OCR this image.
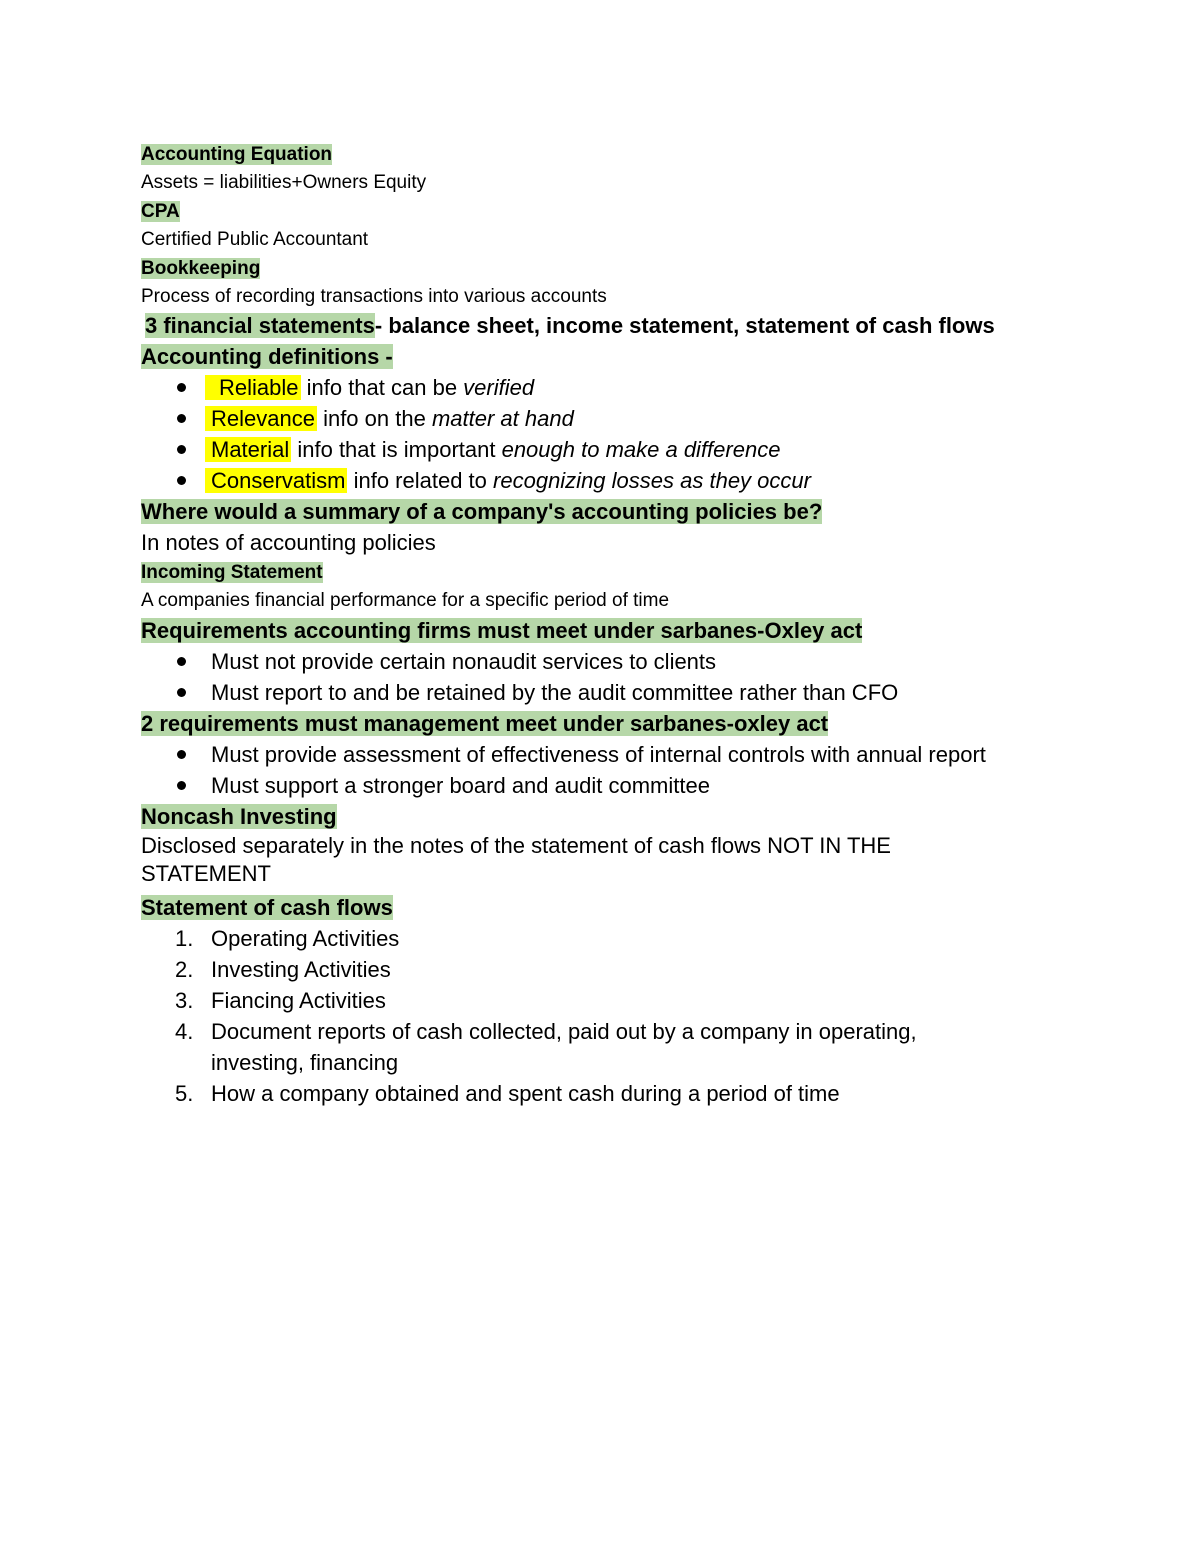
Accounting Equation
Assets = liabilities+Owners Equity
CPA
Certified Public Accountant
Bookkeeping
Process of recording transactions into various accounts
3 financial statements- balance sheet, income statement, statement of cash flows
Accounting definitions -
Reliable info that can be verified
Relevance info on the matter at hand
Material info that is important enough to make a difference
Conservatism info related to recognizing losses as they occur
Where would a summary of a company's accounting policies be?
In notes of accounting policies
Incoming Statement
A companies financial performance for a specific period of time
Requirements accounting firms must meet under sarbanes-Oxley act
Must not provide certain nonaudit services to clients
Must report to and be retained by the audit committee rather than CFO
2 requirements must management meet under sarbanes-oxley act
Must provide assessment of effectiveness of internal controls with annual report
Must support a stronger board and audit committee
Noncash Investing
Disclosed separately in the notes of the statement of cash flows NOT IN THE STATEMENT
Statement of cash flows
1. Operating Activities
2. Investing Activities
3. Fiancing Activities
4. Document reports of cash collected, paid out by a company in operating, investing, financing
5. How a company obtained and spent cash during a period of time
